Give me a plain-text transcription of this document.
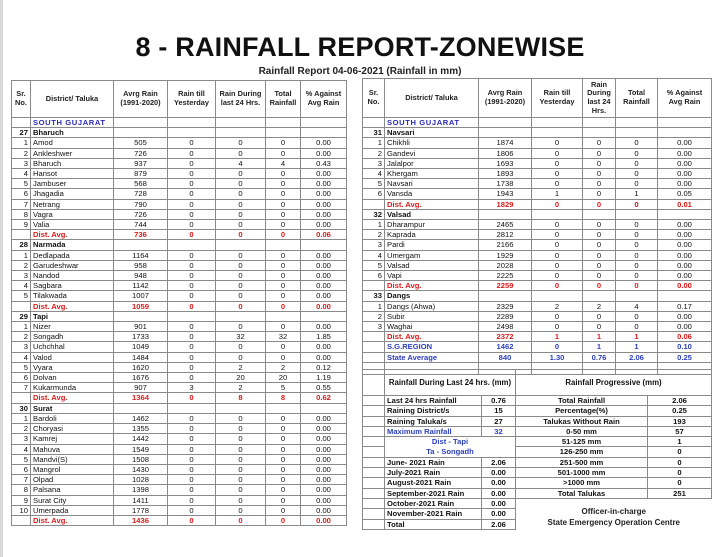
8 - RAINFALL REPORT-ZONEWISE
Rainfall Report 04-06-2021 (Rainfall in mm)
Sr. No.	District/ Taluka	Avrg Rain (1991-2020)	Rain till Yesterday	Rain During last 24 Hrs.	Total Rainfall	% Against Avg Rain
	SOUTH GUJARAT					
27	Bharuch					
1	Amod	505	0	0	0	0.00
2	Ankleshwer	726	0	0	0	0.00
3	Bharuch	937	0	4	4	0.43
4	Hansot	879	0	0	0	0.00
5	Jambuser	568	0	0	0	0.00
6	Jhagadia	728	0	0	0	0.00
7	Netrang	790	0	0	0	0.00
8	Vagra	726	0	0	0	0.00
9	Valia	744	0	0	0	0.00
	Dist. Avg.	736	0	0	0	0.06
28	Narmada					
1	Dedlapada	1164	0	0	0	0.00
2	Garudeshwar	958	0	0	0	0.00
3	Nandod	948	0	0	0	0.00
4	Sagbara	1142	0	0	0	0.00
5	Tilakwada	1007	0	0	0	0.00
	Dist. Avg.	1059	0	0	0	0.00
29	Tapi					
1	Nizer	901	0	0	0	0.00
2	Songadh	1733	0	32	32	1.85
3	Uchchhal	1049	0	0	0	0.00
4	Valod	1484	0	0	0	0.00
5	Vyara	1620	0	2	2	0.12
6	Dolvan	1676	0	20	20	1.19
7	Kukarmunda	907	3	2	5	0.55
	Dist. Avg.	1364	0	8	8	0.62
30	Surat					
1	Bardoli	1462	0	0	0	0.00
2	Choryasi	1355	0	0	0	0.00
3	Kamrej	1442	0	0	0	0.00
4	Mahuva	1549	0	0	0	0.00
5	Mandvi(S)	1508	0	0	0	0.00
6	Mangrol	1430	0	0	0	0.00
7	Olpad	1028	0	0	0	0.00
8	Palsana	1398	0	0	0	0.00
9	Surat City	1411	0	0	0	0.00
10	Umerpada	1778	0	0	0	0.00
	Dist. Avg.	1436	0	0	0	0.00
Sr. No.	District/ Taluka	Avrg Rain (1991-2020)	Rain till Yesterday	Rain During last 24 Hrs.	Total Rainfall	% Against Avg Rain
	SOUTH GUJARAT					
31	Navsari					
1	Chikhli	1874	0	0	0	0.00
2	Gandevi	1806	0	0	0	0.00
3	Jalalpor	1693	0	0	0	0.00
4	Khergam	1893	0	0	0	0.00
5	Navsari	1738	0	0	0	0.00
6	Vansda	1943	1	0	1	0.05
	Dist. Avg.	1829	0	0	0	0.01
32	Valsad					
1	Dharampur	2465	0	0	0	0.00
2	Kaprada	2812	0	0	0	0.00
3	Pardi	2166	0	0	0	0.00
4	Umergam	1929	0	0	0	0.00
5	Valsad	2028	0	0	0	0.00
6	Vapi	2225	0	0	0	0.00
	Dist. Avg.	2259	0	0	0	0.00
33	Dangs					
1	Dangs (Ahwa)	2329	2	2	4	0.17
2	Subir	2289	0	0	0	0.00
3	Waghai	2498	0	0	0	0.00
	Dist. Avg.	2372	1	1	1	0.06
	S.G.REGION	1462	0	1	1	0.10
	State Average	840	1.30	0.76	2.06	0.25

	Rainfall During Last 24 hrs. (mm)		Rainfall Progressive (mm)	
	Last 24 hrs Rainfall	0.76	Total Rainfall	2.06
	Raining District/s	15	Percentage(%)	0.25
	Raining Taluka/s	27	Talukas Without Rain	193
	Maximum Rainfall	32	0-50 mm	57
	Dist - Tapi		51-125 mm	1
	Ta - Songadh		126-250 mm	0
	June- 2021 Rain	2.06	251-500 mm	0
	July-2021 Rain	0.00	501-1000 mm	0
	August-2021 Rain	0.00	>1000 mm	0
	September-2021 Rain	0.00	Total Talukas	251
	October-2021 Rain	0.00	Officer-in-charge
State Emergency Operation Centre	

	November-2021 Rain	0.00		
	Total	2.06		
